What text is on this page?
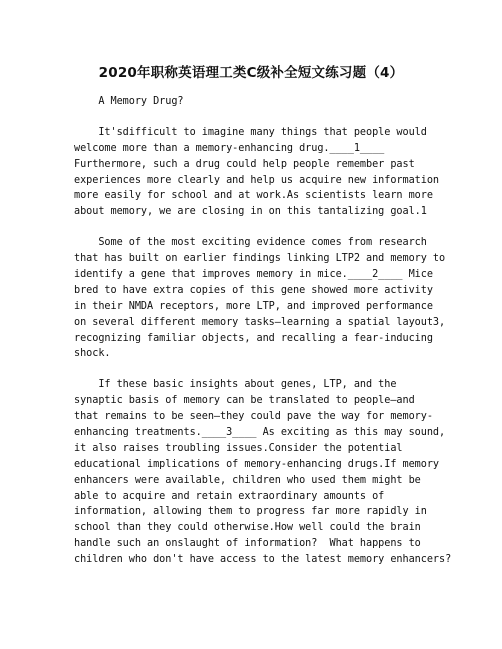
2020年职称英语理工类C级补全短文练习题（4）
A Memory Drug?
It'sdifficult to imagine many things that people would
welcome more than a memory-enhancing drug.____1____
Furthermore, such a drug could help people remember past
experiences more clearly and help us acquire new information
more easily for school and at work.As scientists learn more
about memory, we are closing in on this tantalizing goal.1
Some of the most exciting evidence comes from research
that has built on earlier findings linking LTP2 and memory to
identify a gene that improves memory in mice.____2____ Mice
bred to have extra copies of this gene showed more activity
in their NMDA receptors, more LTP, and improved performance
on several different memory tasks—learning a spatial layout3,
recognizing familiar objects, and recalling a fear-inducing
shock.
If these basic insights about genes, LTP, and the
synaptic basis of memory can be translated to people—and
that remains to be seen—they could pave the way for memory-
enhancing treatments.____3____ As exciting as this may sound,
it also raises troubling issues.Consider the potential
educational implications of memory-enhancing drugs.If memory
enhancers were available, children who used them might be
able to acquire and retain extraordinary amounts of
information, allowing them to progress far more rapidly in
school than they could otherwise.How well could the brain
handle such an onslaught of information?  What happens to
children who don't have access to the latest memory enhancers?
